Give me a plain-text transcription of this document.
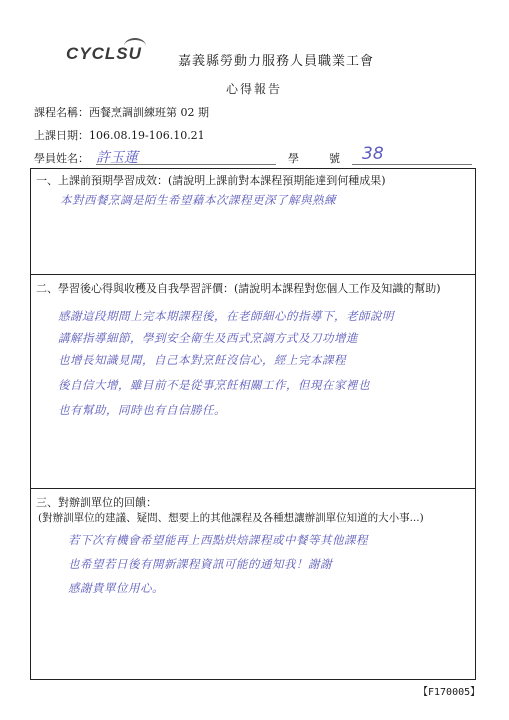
CYCLSU	嘉義縣勞動力服務人員職業工會
心得報告
課程名稱：西餐烹調訓練班第 02 期
上課日期：106.08.19-106.10.21
學員姓名： 許玉蓮	學號
38
一、上課前預期學習成效：(請說明上課前對本課程預期能達到何種成果)
本對西餐烹調是陌生希望藉本次課程更深了解與熟練
二、學習後心得與收穫及自我學習評價：(請說明本課程對您個人工作及知識的幫助)
感謝這段期間上完本期課程後，在老師細心的指導下，老師說明
講解指導細節，學到安全衛生及西式烹調方式及刀功增進
也增長知識見聞，自己本對烹飪沒信心，經上完本課程
後自信大增，雖目前不是從事烹飪相關工作，但現在家裡也
也有幫助，同時也有自信勝任。
三、對辦訓單位的回饋：
(對辦訓單位的建議、疑問、想要上的其他課程及各種想讓辦訓單位知道的大小事...)
若下次有機會希望能再上西點烘焙課程或中餐等其他課程
也希望若日後有開新課程資訊可能的通知我！謝謝
感謝貴單位用心。
【F170005】
